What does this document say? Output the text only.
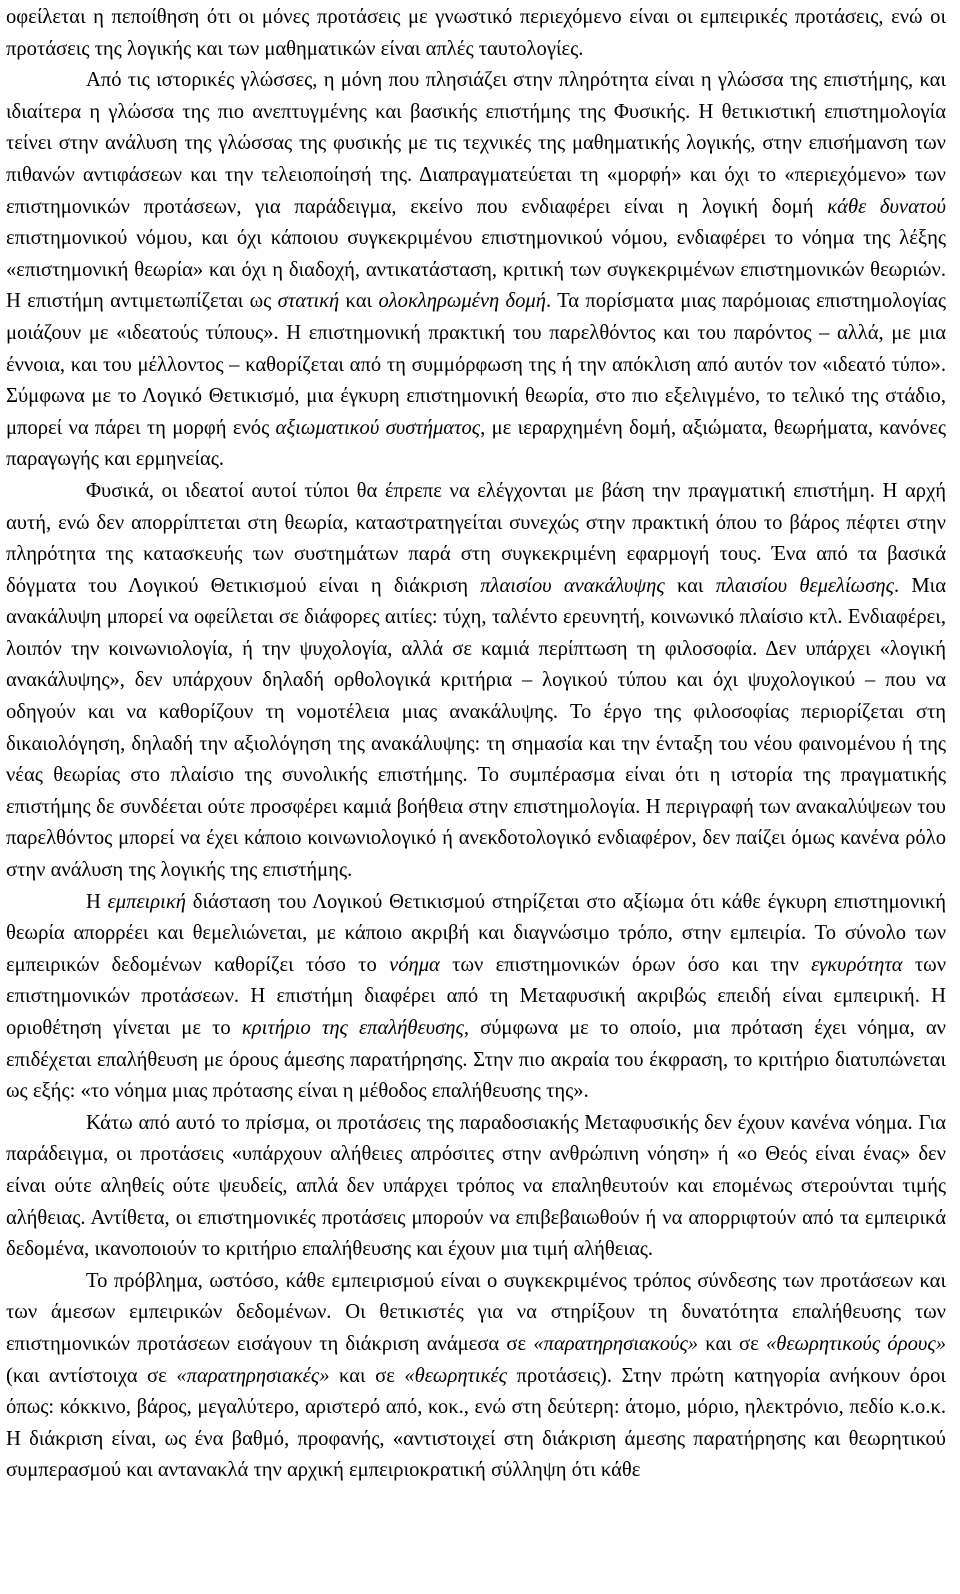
οφείλεται η πεποίθηση ότι οι μόνες προτάσεις με γνωστικό περιεχόμενο είναι οι εμπειρικές προτάσεις, ενώ οι προτάσεις της λογικής και των μαθηματικών είναι απλές ταυτολογίες.

Από τις ιστορικές γλώσσες, η μόνη που πλησιάζει στην πληρότητα είναι η γλώσσα της επιστήμης, και ιδιαίτερα η γλώσσα της πιο ανεπτυγμένης και βασικής επιστήμης της Φυσικής. Η θετικιστική επιστημολογία τείνει στην ανάλυση της γλώσσας της φυσικής με τις τεχνικές της μαθηματικής λογικής, στην επισήμανση των πιθανών αντιφάσεων και την τελειοποίησή της. Διαπραγματεύεται τη «μορφή» και όχι το «περιεχόμενο» των επιστημονικών προτάσεων, για παράδειγμα, εκείνο που ενδιαφέρει είναι η λογική δομή κάθε δυνατού επιστημονικού νόμου, και όχι κάποιου συγκεκριμένου επιστημονικού νόμου, ενδιαφέρει το νόημα της λέξης «επιστημονική θεωρία» και όχι η διαδοχή, αντικατάσταση, κριτική των συγκεκριμένων επιστημονικών θεωριών. Η επιστήμη αντιμετωπίζεται ως στατική και ολοκληρωμένη δομή. Τα πορίσματα μιας παρόμοιας επιστημολογίας μοιάζουν με «ιδεατούς τύπους». Η επιστημονική πρακτική του παρελθόντος και του παρόντος – αλλά, με μια έννοια, και του μέλλοντος – καθορίζεται από τη συμμόρφωση της ή την απόκλιση από αυτόν τον «ιδεατό τύπο». Σύμφωνα με το Λογικό Θετικισμό, μια έγκυρη επιστημονική θεωρία, στο πιο εξελιγμένο, το τελικό της στάδιο, μπορεί να πάρει τη μορφή ενός αξιωματικού συστήματος, με ιεραρχημένη δομή, αξιώματα, θεωρήματα, κανόνες παραγωγής και ερμηνείας.

Φυσικά, οι ιδεατοί αυτοί τύποι θα έπρεπε να ελέγχονται με βάση την πραγματική επιστήμη. Η αρχή αυτή, ενώ δεν απορρίπτεται στη θεωρία, καταστρατηγείται συνεχώς στην πρακτική όπου το βάρος πέφτει στην πληρότητα της κατασκευής των συστημάτων παρά στη συγκεκριμένη εφαρμογή τους. Ένα από τα βασικά δόγματα του Λογικού Θετικισμού είναι η διάκριση πλαισίου ανακάλυψης και πλαισίου θεμελίωσης. Μια ανακάλυψη μπορεί να οφείλεται σε διάφορες αιτίες: τύχη, ταλέντο ερευνητή, κοινωνικό πλαίσιο κτλ. Ενδιαφέρει, λοιπόν την κοινωνιολογία, ή την ψυχολογία, αλλά σε καμιά περίπτωση τη φιλοσοφία. Δεν υπάρχει «λογική ανακάλυψης», δεν υπάρχουν δηλαδή ορθολογικά κριτήρια – λογικού τύπου και όχι ψυχολογικού – που να οδηγούν και να καθορίζουν τη νομοτέλεια μιας ανακάλυψης. Το έργο της φιλοσοφίας περιορίζεται στη δικαιολόγηση, δηλαδή την αξιολόγηση της ανακάλυψης: τη σημασία και την ένταξη του νέου φαινομένου ή της νέας θεωρίας στο πλαίσιο της συνολικής επιστήμης. Το συμπέρασμα είναι ότι η ιστορία της πραγματικής επιστήμης δε συνδέεται ούτε προσφέρει καμιά βοήθεια στην επιστημολογία. Η περιγραφή των ανακαλύψεων του παρελθόντος μπορεί να έχει κάποιο κοινωνιολογικό ή ανεκδοτολογικό ενδιαφέρον, δεν παίζει όμως κανένα ρόλο στην ανάλυση της λογικής της επιστήμης.

Η εμπειρική διάσταση του Λογικού Θετικισμού στηρίζεται στο αξίωμα ότι κάθε έγκυρη επιστημονική θεωρία απορρέει και θεμελιώνεται, με κάποιο ακριβή και διαγνώσιμο τρόπο, στην εμπειρία. Το σύνολο των εμπειρικών δεδομένων καθορίζει τόσο το νόημα των επιστημονικών όρων όσο και την εγκυρότητα των επιστημονικών προτάσεων. Η επιστήμη διαφέρει από τη Μεταφυσική ακριβώς επειδή είναι εμπειρική. Η οριοθέτηση γίνεται με το κριτήριο της επαλήθευσης, σύμφωνα με το οποίο, μια πρόταση έχει νόημα, αν επιδέχεται επαλήθευση με όρους άμεσης παρατήρησης. Στην πιο ακραία του έκφραση, το κριτήριο διατυπώνεται ως εξής: «το νόημα μιας πρότασης είναι η μέθοδος επαλήθευσης της».

Κάτω από αυτό το πρίσμα, οι προτάσεις της παραδοσιακής Μεταφυσικής δεν έχουν κανένα νόημα. Για παράδειγμα, οι προτάσεις «υπάρχουν αλήθειες απρόσιτες στην ανθρώπινη νόηση» ή «ο Θεός είναι ένας» δεν είναι ούτε αληθείς ούτε ψευδείς, απλά δεν υπάρχει τρόπος να επαληθευτούν και επομένως στερούνται τιμής αλήθειας. Αντίθετα, οι επιστημονικές προτάσεις μπορούν να επιβεβαιωθούν ή να απορριφτούν από τα εμπειρικά δεδομένα, ικανοποιούν το κριτήριο επαλήθευσης και έχουν μια τιμή αλήθειας.

Το πρόβλημα, ωστόσο, κάθε εμπειρισμού είναι ο συγκεκριμένος τρόπος σύνδεσης των προτάσεων και των άμεσων εμπειρικών δεδομένων. Οι θετικιστές για να στηρίξουν τη δυνατότητα επαλήθευσης των επιστημονικών προτάσεων εισάγουν τη διάκριση ανάμεσα σε «παρατηρησιακούς» και σε «θεωρητικούς όρους» (και αντίστοιχα σε «παρατηρησιακές» και σε «θεωρητικές προτάσεις). Στην πρώτη κατηγορία ανήκουν όροι όπως: κόκκινο, βάρος, μεγαλύτερο, αριστερό από, κοκ., ενώ στη δεύτερη: άτομο, μόριο, ηλεκτρόνιο, πεδίο κ.ο.κ. Η διάκριση είναι, ως ένα βαθμό, προφανής, «αντιστοιχεί στη διάκριση άμεσης παρατήρησης και θεωρητικού συμπερασμού και αντανακλά την αρχική εμπειριοκρατική σύλληψη ότι κάθε
